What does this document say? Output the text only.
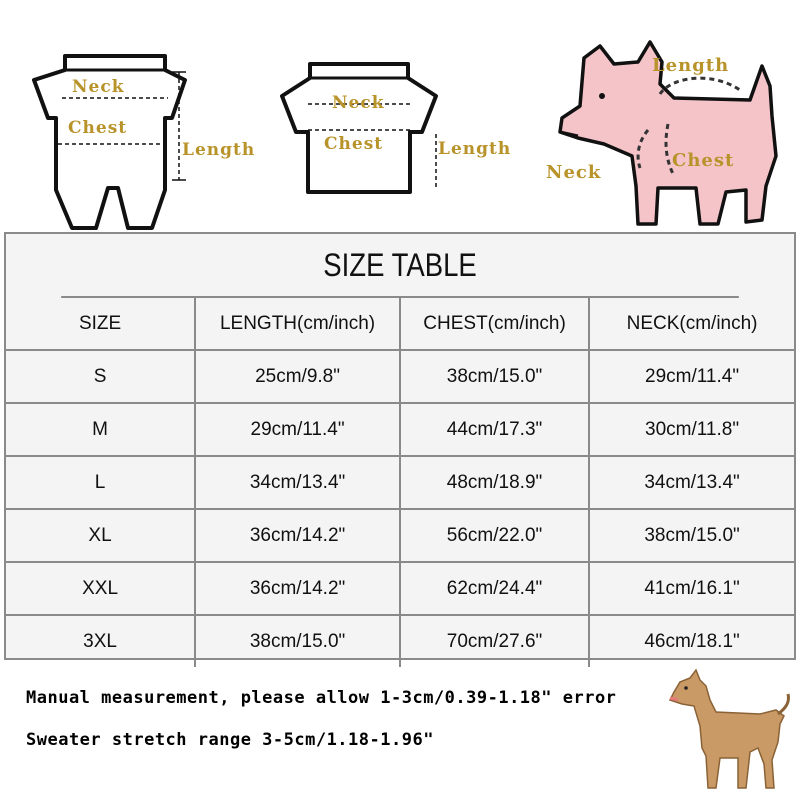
Neck
Chest
Length
Neck
Chest	Length
Length
Neck
Chest
SIZE TABLE
SIZE	LENGTH(cm/inch)	CHEST(cm/inch)	NECK(cm/inch)
S	25cm/9.8"	38cm/15.0"	29cm/11.4"
M	29cm/11.4"	44cm/17.3"	30cm/11.8"
L	34cm/13.4"	48cm/18.9"	34cm/13.4"
XL	36cm/14.2"	56cm/22.0"	38cm/15.0"
XXL	36cm/14.2"	62cm/24.4"	41cm/16.1"
3XL	38cm/15.0"	70cm/27.6"	46cm/18.1"
Manual measurement, please allow 1-3cm/0.39-1.18" error
Sweater stretch range 3-5cm/1.18-1.96"
